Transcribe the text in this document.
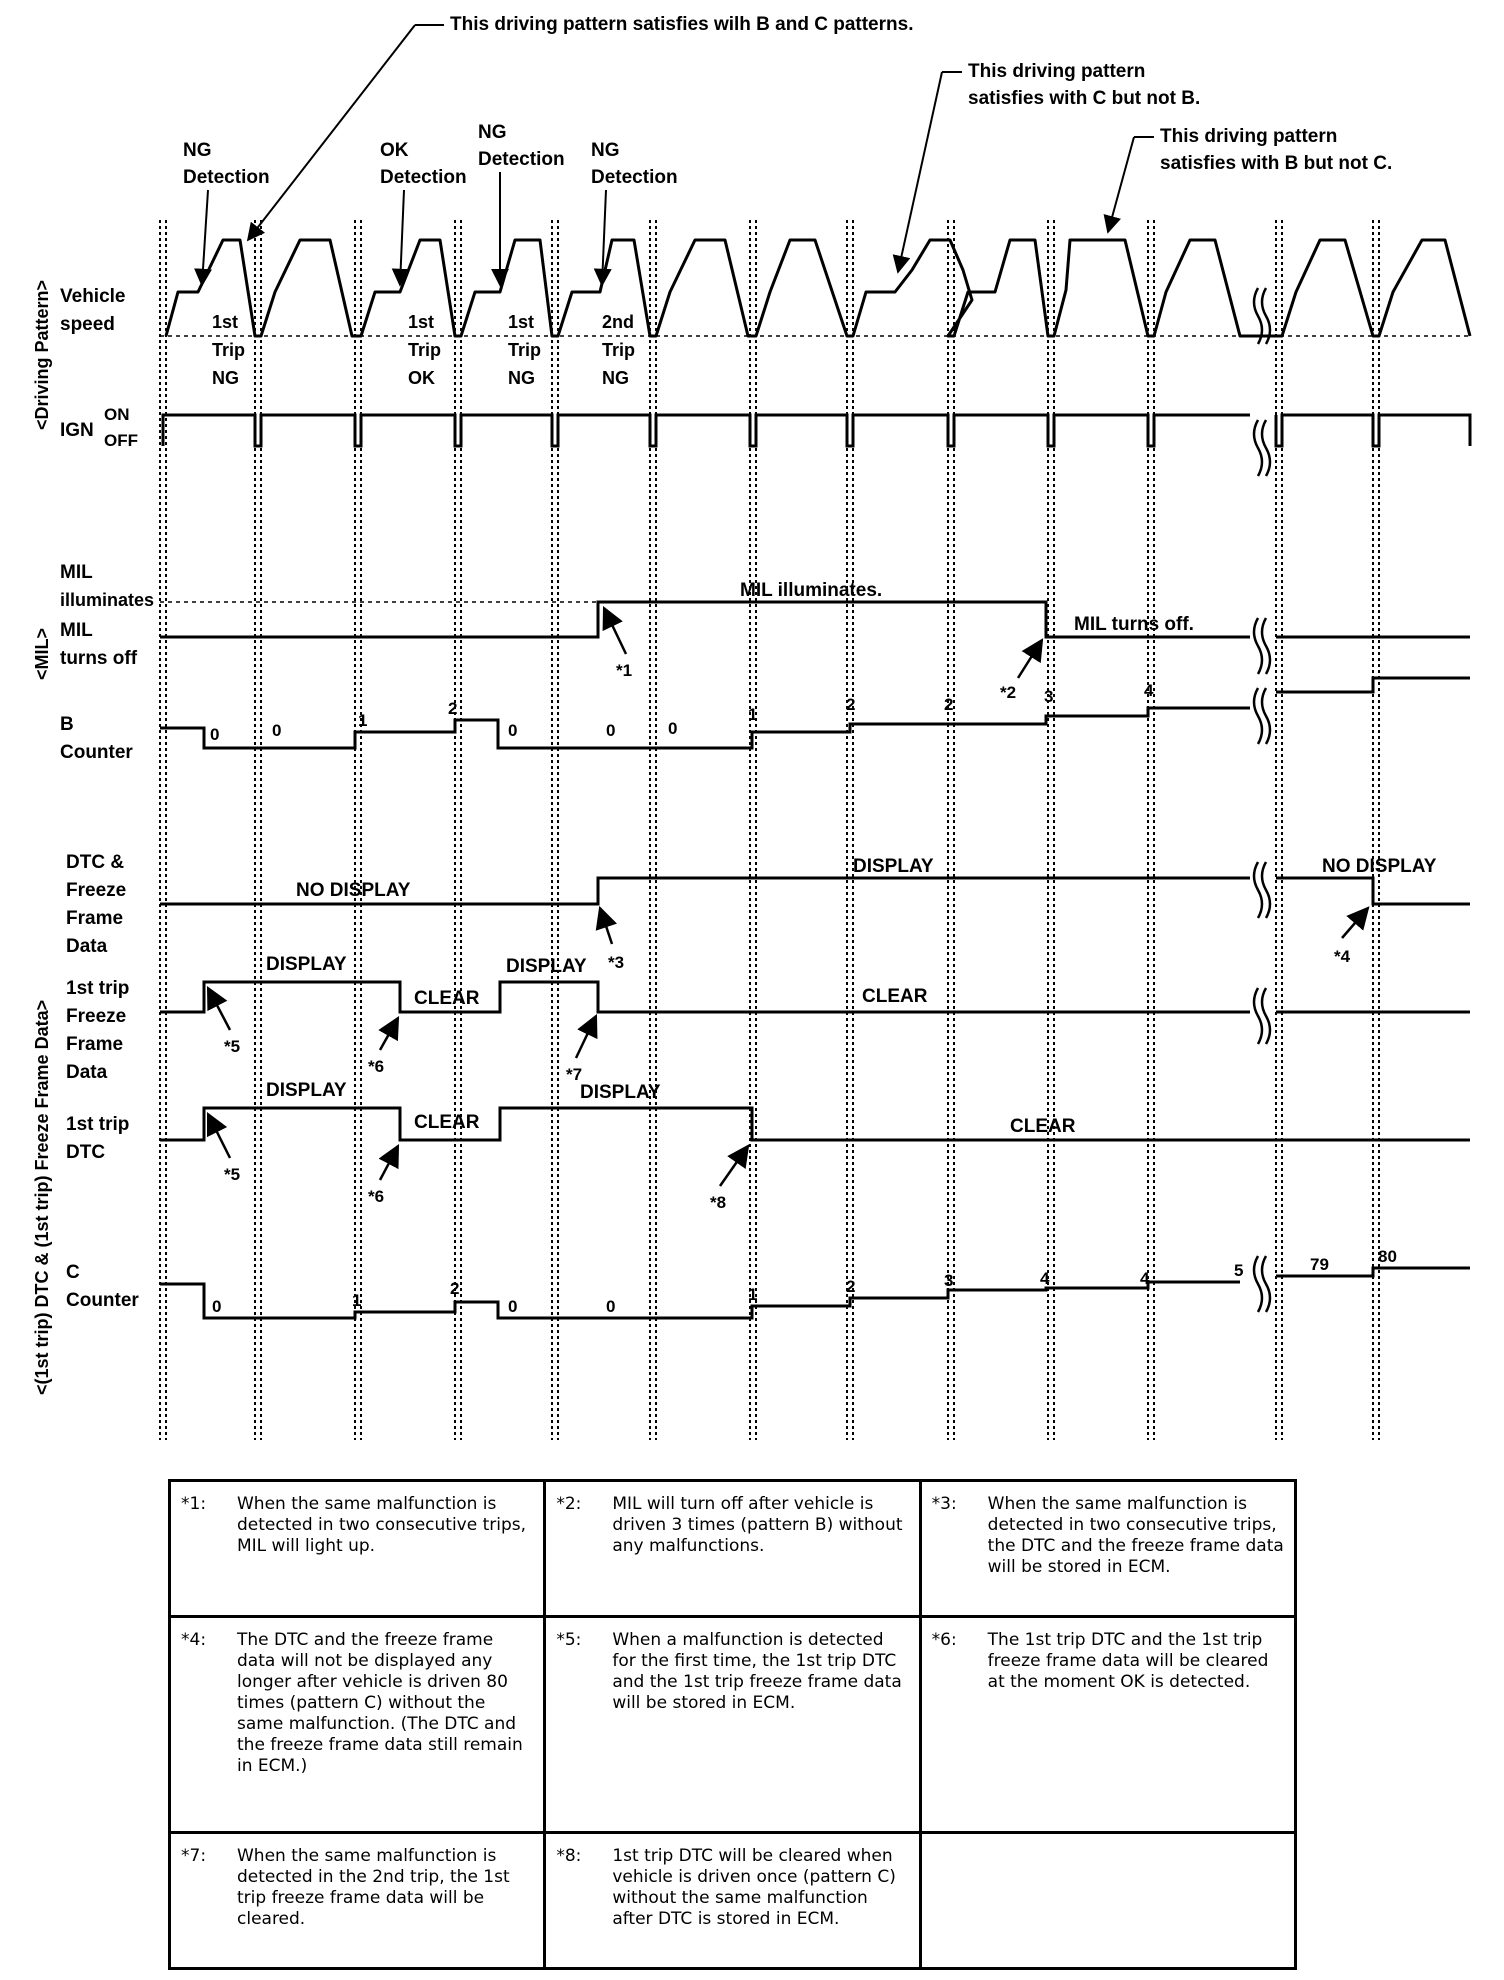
This driving pattern satisfies wilh B and C patterns.
This driving pattern
satisfies with C but not B.
This driving pattern
satisfies with B but not C.
NG
Detection
OK
Detection
NG
Detection NG
Detection
<Driving Pattern>
<MIL>
<(1st trip) DTC & (1st trip) Freeze Frame Data>
Vehicle
speed
IGN
ON
OFF
MIL
illuminates
MIL
turns off
B
Counter
DTC &
Freeze
Frame
Data
1st trip
Freeze
Frame
Data
1st trip
DTC
C
Counter
1st
Trip
NG
1st
Trip
OK
1st
Trip
NG
2nd
Trip
NG
MIL illuminates.
MIL turns off.
0	0
1
2
0	0	0
1
2	2	3	4
NO DISPLAY
DISPLAY	NO DISPLAY
DISPLAY
CLEAR
DISPLAY
CLEAR
DISPLAY
CLEAR
DISPLAY
CLEAR
0	1
2
0	0
1	2	3	4	4	5	79	80
*1
*2
*3	*4
*5
*6	*7
*5
*6	*8
*1: When the same malfunction is detected in two consecutive trips, MIL will light up.	*2: MIL will turn off after vehicle is driven 3 times (pattern B) without any malfunctions.	*3: When the same malfunction is detected in two consecutive trips, the DTC and the freeze frame data will be stored in ECM.

*4: The DTC and the freeze frame data will not be displayed any longer after vehicle is driven 80 times (pattern C) without the same malfunction. (The DTC and the freeze frame data still remain in ECM.)	*5: When a malfunction is detected for the first time, the 1st trip DTC and the 1st trip freeze frame data will be stored in ECM.	*6: The 1st trip DTC and the 1st trip freeze frame data will be cleared at the moment OK is detected.

*7: When the same malfunction is detected in the 2nd trip, the 1st trip freeze frame data will be cleared.	*8: 1st trip DTC will be cleared when vehicle is driven once (pattern C) without the same malfunction after DTC is stored in ECM.	
